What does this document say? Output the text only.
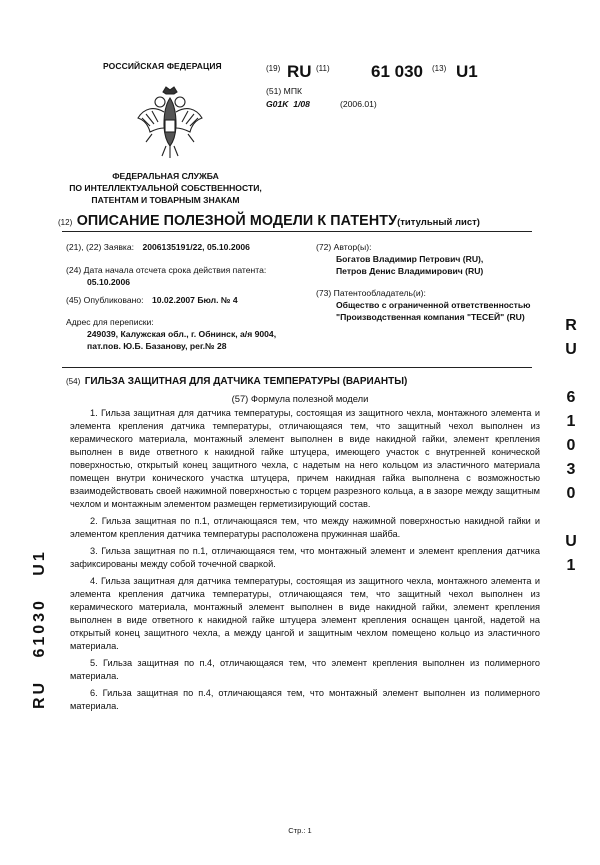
РОССИЙСКАЯ ФЕДЕРАЦИЯ
ФЕДЕРАЛЬНАЯ СЛУЖБА
ПО ИНТЕЛЛЕКТУАЛЬНОЙ СОБСТВЕННОСТИ,
ПАТЕНТАМ И ТОВАРНЫМ ЗНАКАМ
(19) RU (11) 61 030 (13) U1
(51) МПК
G01K  1/08	(2006.01)
(12) ОПИСАНИЕ ПОЛЕЗНОЙ МОДЕЛИ К ПАТЕНТУ(титульный лист)
(21), (22) Заявка: 2006135191/22, 05.10.2006
(24) Дата начала отсчета срока действия патента:
05.10.2006
(45) Опубликовано: 10.02.2007 Бюл. № 4
Адрес для переписки:
249039, Калужская обл., г. Обнинск, а/я 9004,
пат.пов. Ю.Б. Базанову, рег.№ 28
(72) Автор(ы):
Богатов Владимир Петрович (RU),
Петров Денис Владимирович (RU)
(73) Патентообладатель(и):
Общество с ограниченной ответственностью
"Производственная компания "ТЕСЕЙ" (RU)
(54) ГИЛЬЗА ЗАЩИТНАЯ ДЛЯ ДАТЧИКА ТЕМПЕРАТУРЫ (ВАРИАНТЫ)
(57) Формула полезной модели

1. Гильза защитная для датчика температуры, состоящая из защитного чехла, монтажного элемента и элемента крепления датчика температуры, отличающаяся тем, что защитный чехол выполнен из керамического материала, монтажный элемент выполнен в виде накидной гайки, элемент крепления выполнен в виде ответного к накидной гайке штуцера, имеющего участок с внутренней конической поверхностью, открытый конец защитного чехла, с надетым на него кольцом из эластичного материала помещен внутри конического участка штуцера, причем накидная гайка выполнена с возможностью взаимодействовать своей нажимной поверхностью с торцем разрезного кольца, а в зазоре между защитным чехлом и монтажным элементом размещен герметизирующий состав.

2. Гильза защитная по п.1, отличающаяся тем, что между нажимной поверхностью накидной гайки и элементом крепления датчика температуры расположена пружинная шайба.

3. Гильза защитная по п.1, отличающаяся тем, что монтажный элемент и элемент крепления датчика зафиксированы между собой точечной сваркой.

4. Гильза защитная для датчика температуры, состоящая из защитного чехла, монтажного элемента и элемента крепления датчика температуры, отличающаяся тем, что защитный чехол выполнен из керамического материала, монтажный элемент выполнен в виде накидной гайки, элемент крепления выполнен в виде ответного к накидной гайке штуцера элемент крепления оснащен цангой, надетой на открытый конец защитного чехла, а между цангой и защитным чехлом помещено кольцо из эластичного материала.

5. Гильза защитная по п.4, отличающаяся тем, что элемент крепления выполнен из полимерного материала.

6. Гильза защитная по п.4, отличающаяся тем, что монтажный элемент выполнен из полимерного материала.

R
U
6
1
0
3
0
U
1
RU   61030   U1
Стр.: 1
